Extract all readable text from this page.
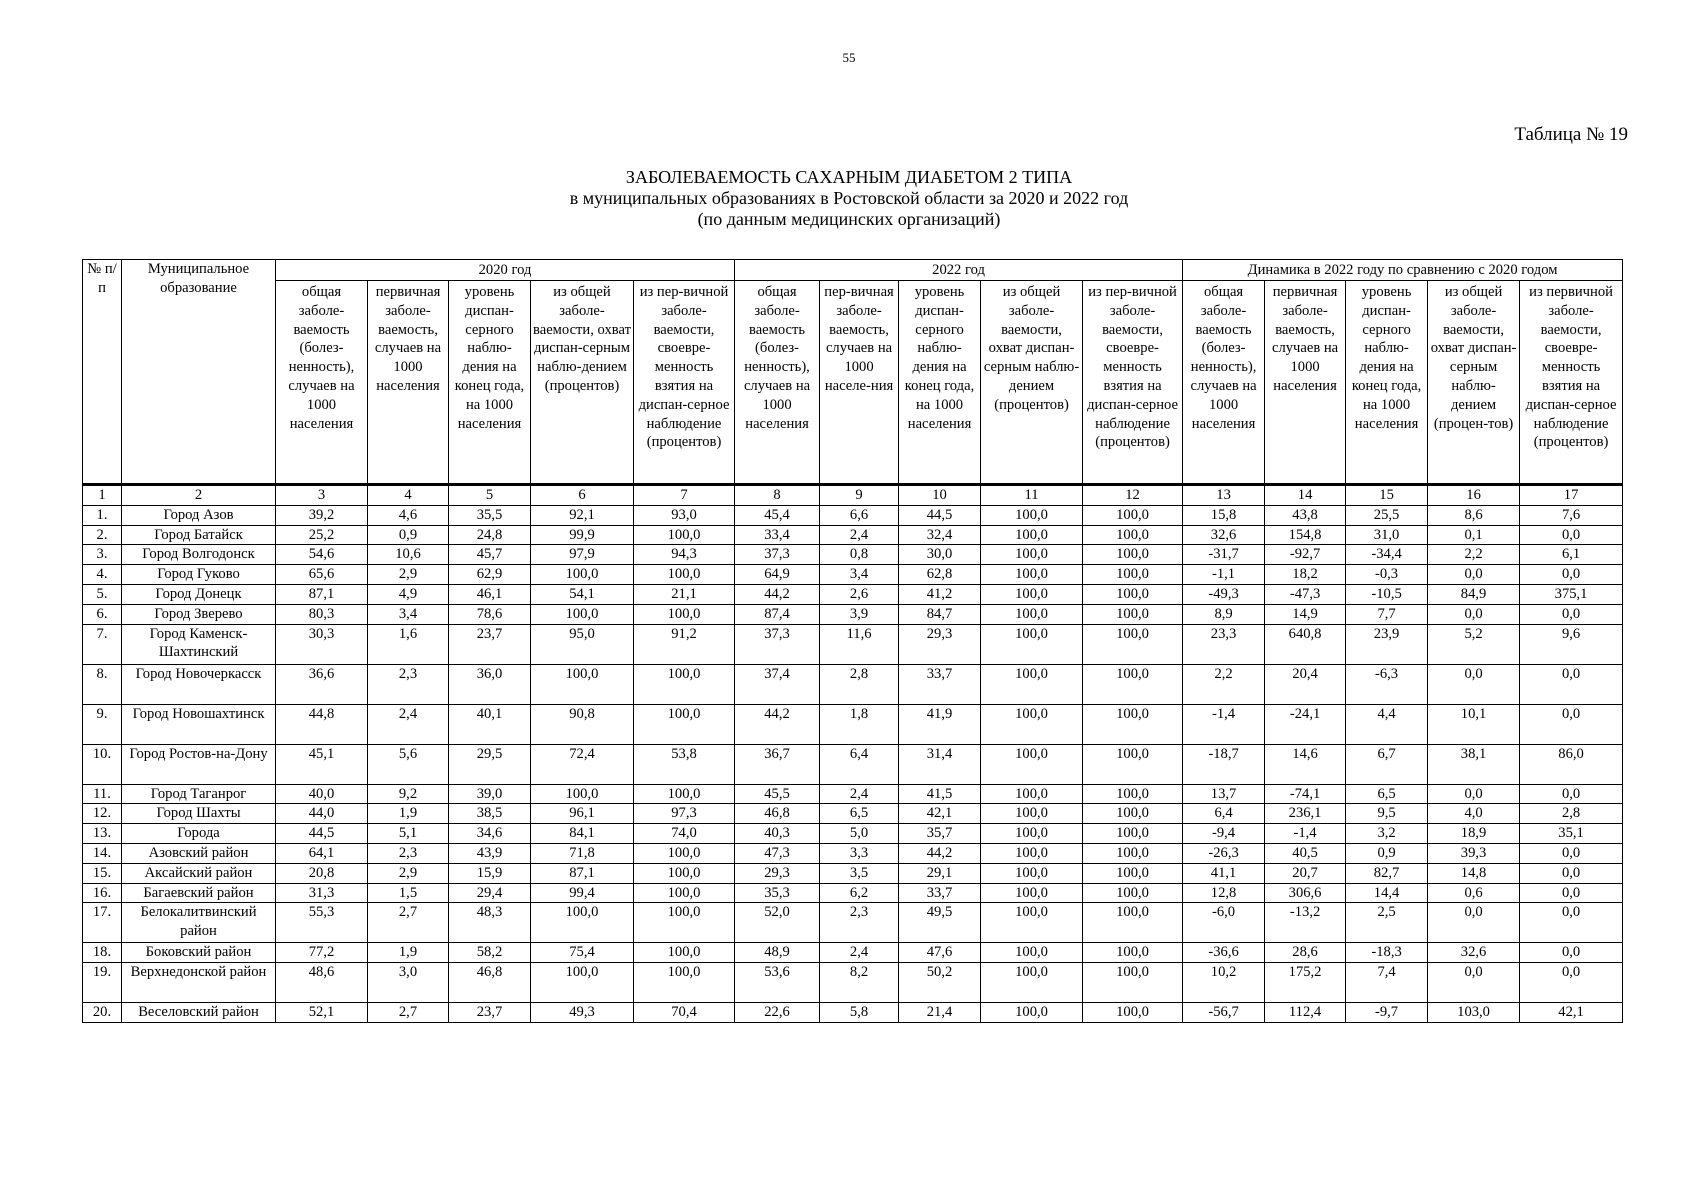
55
Таблица № 19
ЗАБОЛЕВАЕМОСТЬ САХАРНЫМ ДИАБЕТОМ 2 ТИПА
в муниципальных образованиях в Ростовской области за 2020 и 2022 год
(по данным медицинских организаций)
№ п/п	Муниципальное образование	2020 год					2022 год					Динамика в 2022 году по сравнению с 2020 годом				
		общая заболе-ваемость (болез-ненность), случаев на 1000 населения	первичная заболе-ваемость, случаев на 1000 населения	уровень диспан-серного наблю-дения на конец года, на 1000 населения	из общей заболе-ваемости, охват диспан-серным наблю-дением (процентов)	из пер-вичной заболе-ваемости, своевре-менность взятия на диспан-серное наблюдение (процентов)	общая заболе-ваемость (болез-ненность), случаев на 1000 населения	пер-вичная заболе-ваемость, случаев на 1000 населе-ния	уровень диспан-серного наблю-дения на конец года, на 1000 населения	из общей заболе-ваемости, охват диспан-серным наблю-дением (процентов)	из пер-вичной заболе-ваемости, своевре-менность взятия на диспан-серное наблюдение (процентов)	общая заболе-ваемость (болез-ненность), случаев на 1000 населения	первичная заболе-ваемость, случаев на 1000 населения	уровень диспан-серного наблю-дения на конец года, на 1000 населения	из общей заболе-ваемости, охват диспан-серным наблю-дением (процен-тов)	из первичной заболе-ваемости, своевре-менность взятия на диспан-серное наблюдение (процентов)
1	2	3	4	5	6	7	8	9	10	11	12	13	14	15	16	17
1.	Город Азов	39,2	4,6	35,5	92,1	93,0	45,4	6,6	44,5	100,0	100,0	15,8	43,8	25,5	8,6	7,6
2.	Город Батайск	25,2	0,9	24,8	99,9	100,0	33,4	2,4	32,4	100,0	100,0	32,6	154,8	31,0	0,1	0,0
3.	Город Волгодонск	54,6	10,6	45,7	97,9	94,3	37,3	0,8	30,0	100,0	100,0	-31,7	-92,7	-34,4	2,2	6,1
4.	Город Гуково	65,6	2,9	62,9	100,0	100,0	64,9	3,4	62,8	100,0	100,0	-1,1	18,2	-0,3	0,0	0,0
5.	Город Донецк	87,1	4,9	46,1	54,1	21,1	44,2	2,6	41,2	100,0	100,0	-49,3	-47,3	-10,5	84,9	375,1
6.	Город Зверево	80,3	3,4	78,6	100,0	100,0	87,4	3,9	84,7	100,0	100,0	8,9	14,9	7,7	0,0	0,0
7.	Город Каменск-Шахтинский	30,3	1,6	23,7	95,0	91,2	37,3	11,6	29,3	100,0	100,0	23,3	640,8	23,9	5,2	9,6
8.	Город Новочеркасск	36,6	2,3	36,0	100,0	100,0	37,4	2,8	33,7	100,0	100,0	2,2	20,4	-6,3	0,0	0,0
9.	Город Новошахтинск	44,8	2,4	40,1	90,8	100,0	44,2	1,8	41,9	100,0	100,0	-1,4	-24,1	4,4	10,1	0,0
10.	Город Ростов-на-Дону	45,1	5,6	29,5	72,4	53,8	36,7	6,4	31,4	100,0	100,0	-18,7	14,6	6,7	38,1	86,0
11.	Город Таганрог	40,0	9,2	39,0	100,0	100,0	45,5	2,4	41,5	100,0	100,0	13,7	-74,1	6,5	0,0	0,0
12.	Город Шахты	44,0	1,9	38,5	96,1	97,3	46,8	6,5	42,1	100,0	100,0	6,4	236,1	9,5	4,0	2,8
13.	Города	44,5	5,1	34,6	84,1	74,0	40,3	5,0	35,7	100,0	100,0	-9,4	-1,4	3,2	18,9	35,1
14.	Азовский район	64,1	2,3	43,9	71,8	100,0	47,3	3,3	44,2	100,0	100,0	-26,3	40,5	0,9	39,3	0,0
15.	Аксайский район	20,8	2,9	15,9	87,1	100,0	29,3	3,5	29,1	100,0	100,0	41,1	20,7	82,7	14,8	0,0
16.	Багаевский район	31,3	1,5	29,4	99,4	100,0	35,3	6,2	33,7	100,0	100,0	12,8	306,6	14,4	0,6	0,0
17.	Белокалитвинский район	55,3	2,7	48,3	100,0	100,0	52,0	2,3	49,5	100,0	100,0	-6,0	-13,2	2,5	0,0	0,0
18.	Боковский район	77,2	1,9	58,2	75,4	100,0	48,9	2,4	47,6	100,0	100,0	-36,6	28,6	-18,3	32,6	0,0
19.	Верхнедонской район	48,6	3,0	46,8	100,0	100,0	53,6	8,2	50,2	100,0	100,0	10,2	175,2	7,4	0,0	0,0
20.	Веселовский район	52,1	2,7	23,7	49,3	70,4	22,6	5,8	21,4	100,0	100,0	-56,7	112,4	-9,7	103,0	42,1
